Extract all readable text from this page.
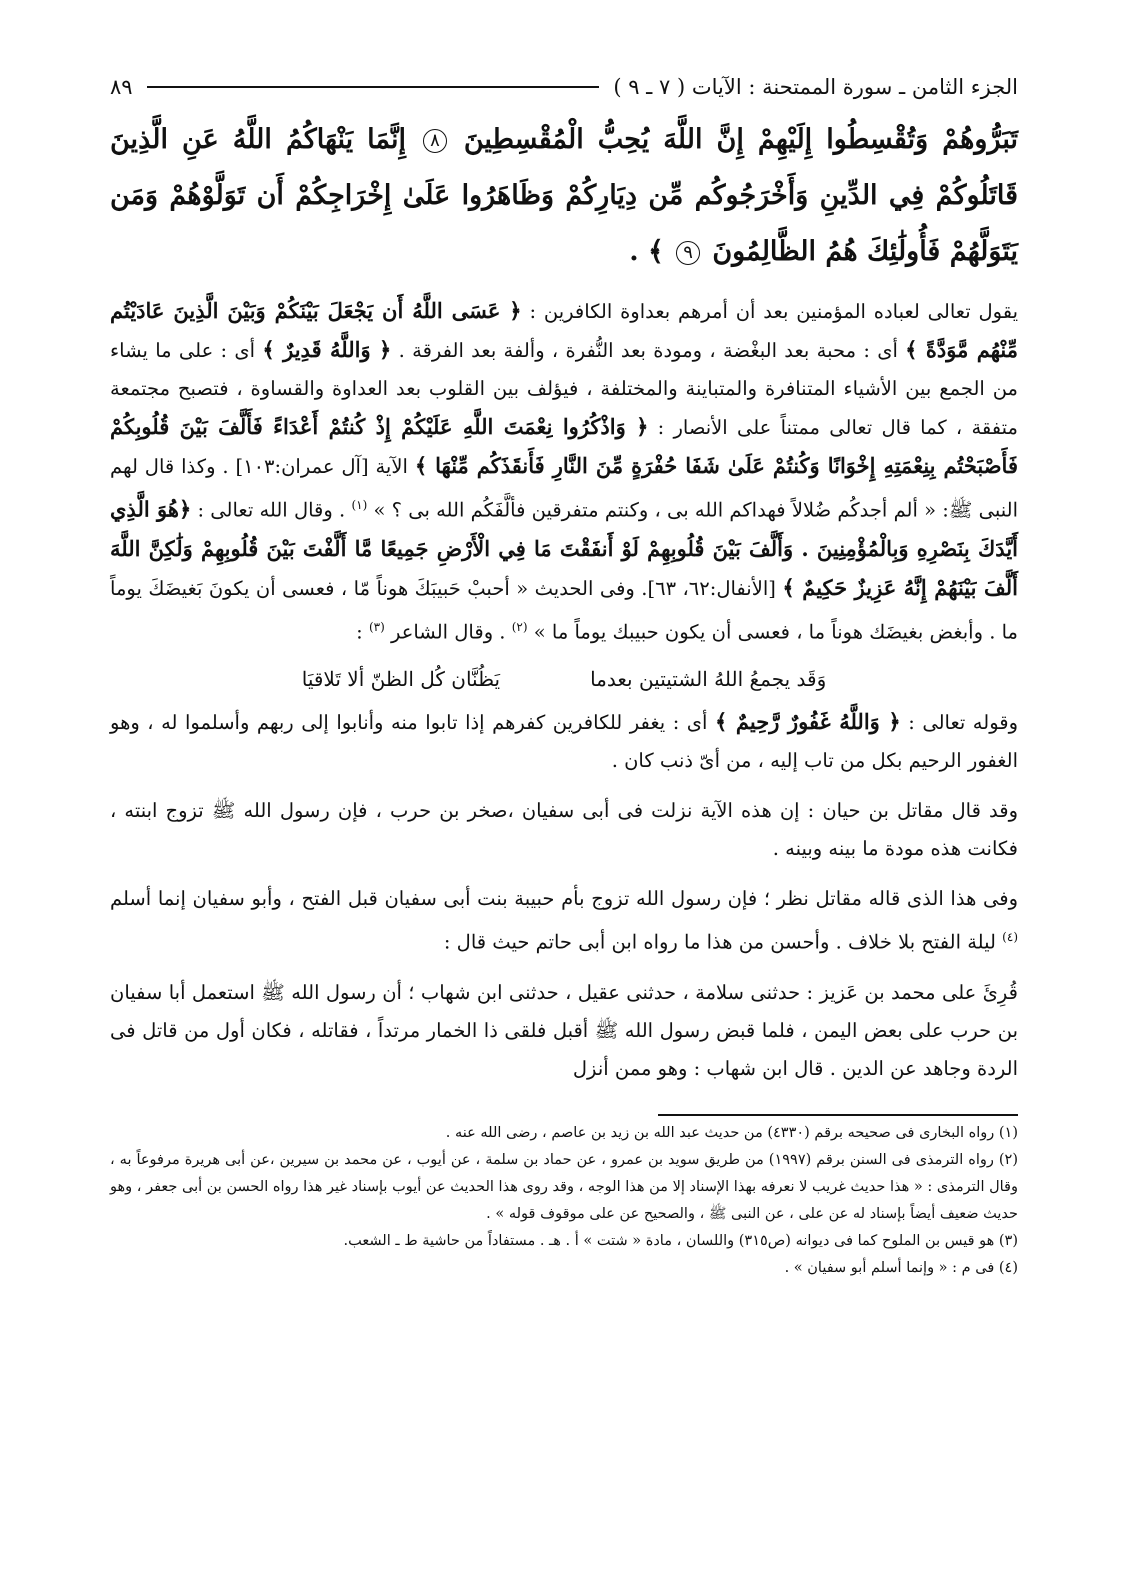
الجزء الثامن ـ سورة الممتحنة : الآيات ( ٧ ـ ٩ )
٨٩
تَبَرُّوهُمْ وَتُقْسِطُوا إِلَيْهِمْ إِنَّ اللَّهَ يُحِبُّ الْمُقْسِطِينَ ٨ إِنَّمَا يَنْهَاكُمُ اللَّهُ عَنِ الَّذِينَ قَاتَلُوكُمْ فِي الدِّينِ وَأَخْرَجُوكُم مِّن دِيَارِكُمْ وَظَاهَرُوا عَلَىٰ إِخْرَاجِكُمْ أَن تَوَلَّوْهُمْ وَمَن يَتَوَلَّهُمْ فَأُولَٰئِكَ هُمُ الظَّالِمُونَ ٩ ﴾ .

يقول تعالى لعباده المؤمنين بعد أن أمرهم بعداوة الكافرين : ﴿ عَسَى اللَّهُ أَن يَجْعَلَ بَيْنَكُمْ وَبَيْنَ الَّذِينَ عَادَيْتُم مِّنْهُم مَّوَدَّةً ﴾ أى : محبة بعد البغْضة ، ومودة بعد النُّفرة ، وألفة بعد الفرقة . ﴿ وَاللَّهُ قَدِيرٌ ﴾ أى : على ما يشاء من الجمع بين الأشياء المتنافرة والمتباينة والمختلفة ، فيؤلف بين القلوب بعد العداوة والقساوة ، فتصبح مجتمعة متفقة ، كما قال تعالى ممتناً على الأنصار : ﴿ وَاذْكُرُوا نِعْمَتَ اللَّهِ عَلَيْكُمْ إِذْ كُنتُمْ أَعْدَاءً فَأَلَّفَ بَيْنَ قُلُوبِكُمْ فَأَصْبَحْتُم بِنِعْمَتِهِ إِخْوَانًا وَكُنتُمْ عَلَىٰ شَفَا حُفْرَةٍ مِّنَ النَّارِ فَأَنقَذَكُم مِّنْهَا ﴾ الآية [آل عمران:١٠٣] . وكذا قال لهم النبى ﷺ: « ألم أجدكُم ضُلالاً فهداكم الله بى ، وكنتم متفرقين فألَّفَكُم الله بى ؟ » $^{(١)}$ . وقال الله تعالى : ﴿هُوَ الَّذِي أَيَّدَكَ بِنَصْرِهِ وَبِالْمُؤْمِنِينَ . وَأَلَّفَ بَيْنَ قُلُوبِهِمْ لَوْ أَنفَقْتَ مَا فِي الْأَرْضِ جَمِيعًا مَّا أَلَّفْتَ بَيْنَ قُلُوبِهِمْ وَلَٰكِنَّ اللَّهَ أَلَّفَ بَيْنَهُمْ إِنَّهُ عَزِيزٌ حَكِيمٌ ﴾ [الأنفال:٦٢، ٦٣]. وفى الحديث « أحببْ حَبيبَكَ هوناً مّا ، فعسى أن يكونَ بَغيضَكَ يوماً ما . وأبغض بغيضَك هوناً ما ، فعسى أن يكون حبيبك يوماً ما » $^{(٢)}$ . وقال الشاعر $^{(٣)}$ :

وَقَد يجمعُ اللهُ الشتيتين بعدما
يَظُنَّان كُل الظنّ ألا تَلاقيَا

وقوله تعالى : ﴿ وَاللَّهُ غَفُورٌ رَّحِيمٌ ﴾ أى : يغفر للكافرين كفرهم إذا تابوا منه وأنابوا إلى ربهم وأسلموا له ، وهو الغفور الرحيم بكل من تاب إليه ، من أىّ ذنب كان .

وقد قال مقاتل بن حيان : إن هذه الآية نزلت فى أبى سفيان ،صخر بن حرب ، فإن رسول الله ﷺ تزوج ابنته ، فكانت هذه مودة ما بينه وبينه .

وفى هذا الذى قاله مقاتل نظر ؛ فإن رسول الله تزوج بأم حبيبة بنت أبى سفيان قبل الفتح ، وأبو سفيان إنما أسلم $^{(٤)}$ ليلة الفتح بلا خلاف . وأحسن من هذا ما رواه ابن أبى حاتم حيث قال :

قُرِئَ على محمد بن عَزيز : حدثنى سلامة ، حدثنى عقيل ، حدثنى ابن شهاب ؛ أن رسول الله ﷺ استعمل أبا سفيان بن حرب على بعض اليمن ، فلما قبض رسول الله ﷺ أقبل فلقى ذا الخمار مرتداً ، فقاتله ، فكان أول من قاتل فى الردة وجاهد عن الدين . قال ابن شهاب : وهو ممن أنزل

(١) رواه البخارى فى صحيحه برقم (٤٣٣٠) من حديث عبد الله بن زيد بن عاصم ، رضى الله عنه .

(٢) رواه الترمذى فى السنن برقم (١٩٩٧) من طريق سويد بن عمرو ، عن حماد بن سلمة ، عن أيوب ، عن محمد بن سيرين ،عن أبى هريرة مرفوعاً به ، وقال الترمذى : « هذا حديث غريب لا نعرفه بهذا الإسناد إلا من هذا الوجه ، وقد روى هذا الحديث عن أيوب بإسناد غير هذا رواه الحسن بن أبى جعفر ، وهو حديث ضعيف أيضاً بإسناد له عن على ، عن النبى ﷺ ، والصحيح عن على موقوف قوله » .

(٣) هو قيس بن الملوح كما فى ديوانه (ص٣١٥) واللسان ، مادة « شتت » أ . هـ . مستفاداً من حاشية ط ـ الشعب.

(٤) فى م : « وإنما أسلم أبو سفيان » .
